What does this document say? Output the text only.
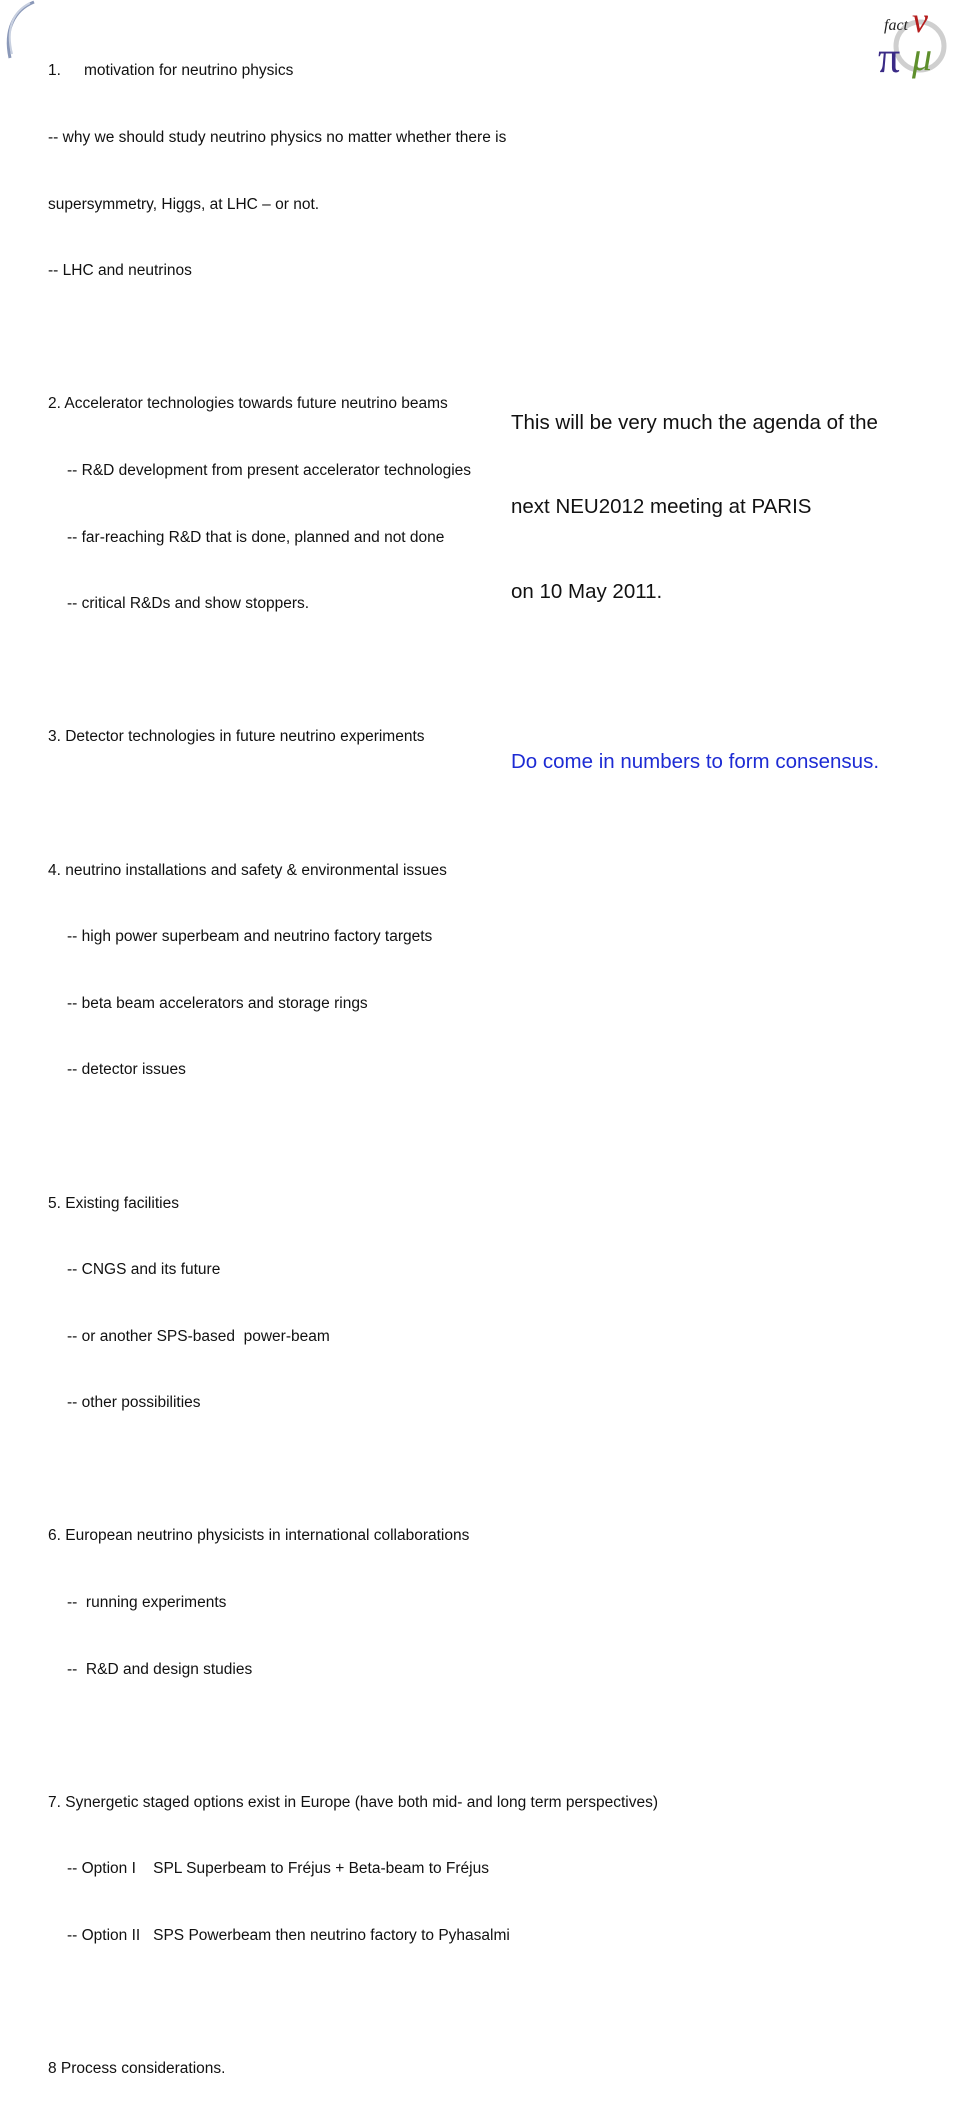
fact ν
π μ

1. motivation for neutrino physics

-- why we should study neutrino physics no matter whether there is

supersymmetry, Higgs, at LHC – or not.

-- LHC and neutrinos

2. Accelerator technologies towards future neutrino beams

-- R&D development from present accelerator technologies

-- far-reaching R&D that is done, planned and not done

-- critical R&Ds and show stoppers.

3. Detector technologies in future neutrino experiments

4. neutrino installations and safety & environmental issues

-- high power superbeam and neutrino factory targets

-- beta beam accelerators and storage rings

-- detector issues

5. Existing facilities

-- CNGS and its future

-- or another SPS-based  power-beam

-- other possibilities

6. European neutrino physicists in international collaborations

--  running experiments

--  R&D and design studies

7. Synergetic staged options exist in Europe (have both mid- and long term perspectives)

-- Option I    SPL Superbeam to Fréjus + Beta-beam to Fréjus

-- Option II   SPS Powerbeam then neutrino factory to Pyhasalmi

8 Process considerations.

This will be very much the agenda of the

next NEU2012 meeting at PARIS

on 10 May 2011.

Do come in numbers to form consensus.
